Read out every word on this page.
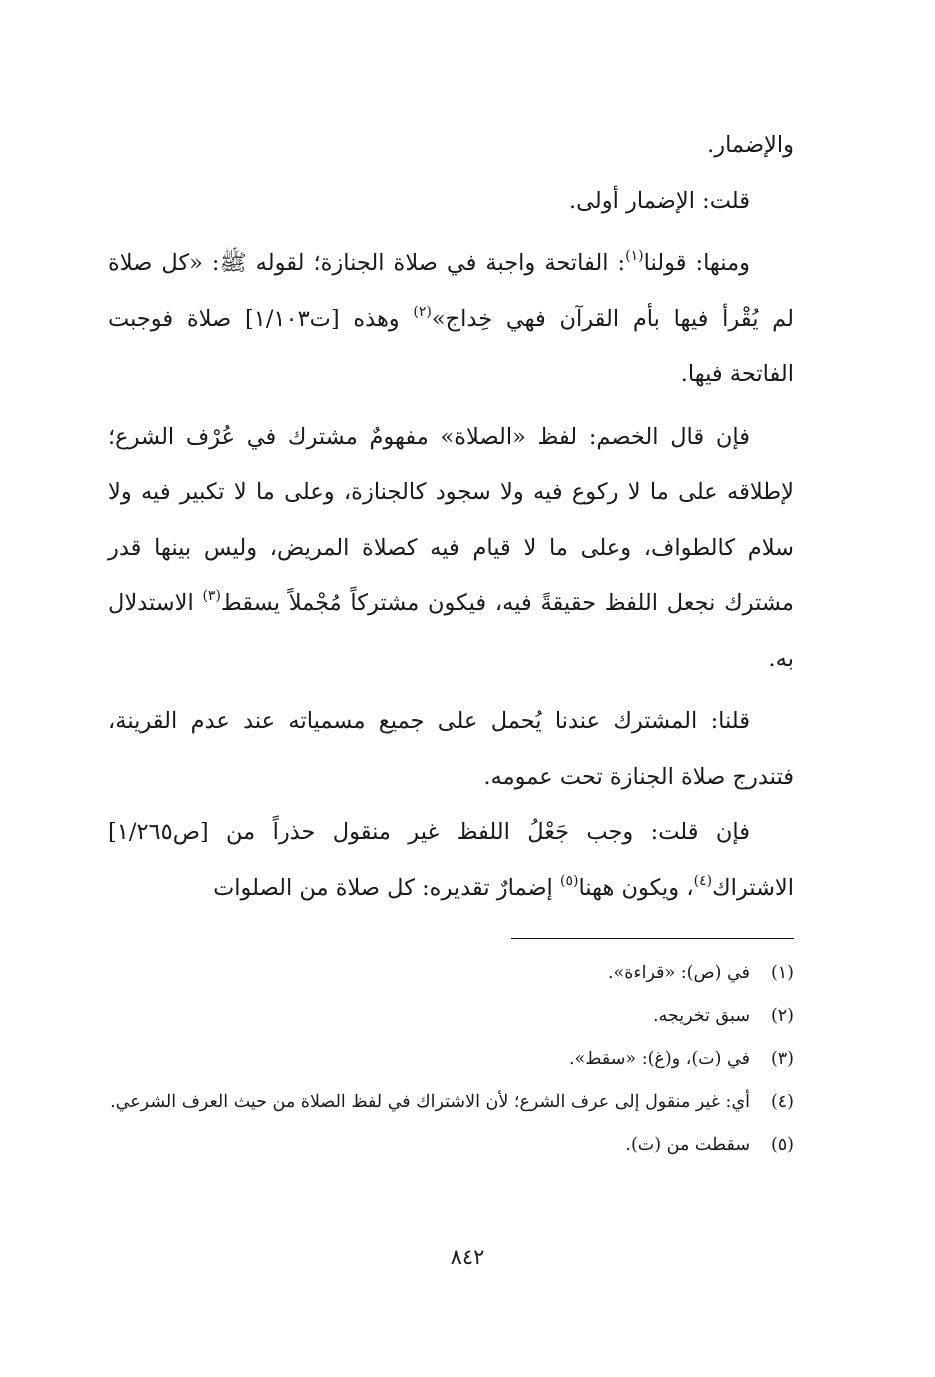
والإضمار.

قلت: الإضمار أولى.

ومنها: قولنا$^{(١)}$: الفاتحة واجبة في صلاة الجنازة؛ لقوله ﷺ: «كل صلاة لم يُقْرأ فيها بأم القرآن فهي خِداج»$^{(٢)}$ وهذه [ت١/١٠٣] صلاة فوجبت الفاتحة فيها.

فإن قال الخصم: لفظ «الصلاة» مفهومٌ مشترك في عُرْف الشرع؛ لإطلاقه على ما لا ركوع فيه ولا سجود كالجنازة، وعلى ما لا تكبير فيه ولا سلام كالطواف، وعلى ما لا قيام فيه كصلاة المريض، وليس بينها قدر مشترك نجعل اللفظ حقيقةً فيه، فيكون مشتركاً مُجْملاً يسقط$^{(٣)}$ الاستدلال به.

قلنا: المشترك عندنا يُحمل على جميع مسمياته عند عدم القرينة، فتندرج صلاة الجنازة تحت عمومه.

فإن قلت: وجب جَعْلُ اللفظ غير منقول حذراً من [ص١/٢٦٥] الاشتراك$^{(٤)}$، ويكون ههنا$^{(٥)}$ إضمارٌ تقديره: كل صلاة من الصلوات

(١)في (ص): «قراءة».

(٢)سبق تخريجه.

(٣)في (ت)، و(غ): «سقط».

(٤)أي: غير منقول إلى عرف الشرع؛ لأن الاشتراك في لفظ الصلاة من حيث العرف الشرعي.

(٥)سقطت من (ت).

٨٤٢
